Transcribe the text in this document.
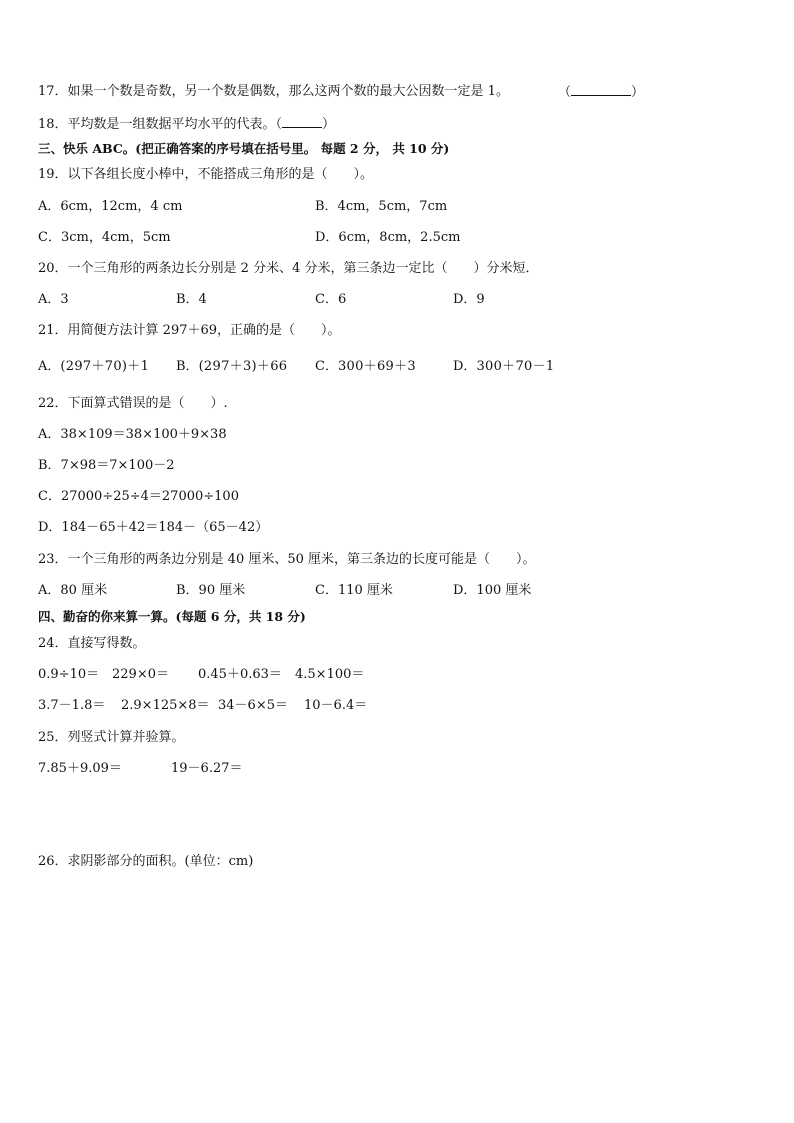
17．如果一个数是奇数，另一个数是偶数，那么这两个数的最大公因数一定是 1。	（	）
18．平均数是一组数据平均水平的代表。（	）
三、快乐 ABC。(把正确答案的序号填在括号里。 每题 2 分， 共 10 分)
19．以下各组长度小棒中，不能搭成三角形的是（　　）。
A．6cm，12cm，4 cm	B．4cm，5cm，7cm
C．3cm，4cm，5cm	D．6cm，8cm，2.5cm
20．一个三角形的两条边长分别是 2 分米、4 分米，第三条边一定比（　　）分米短．
A．3	B．4	C．6	D．9
21．用简便方法计算 297＋69，正确的是（　　）。
A．(297＋70)＋1 B．(297＋3)＋66 C．300＋69＋3	D．300＋70－1
22．下面算式错误的是（　　）.
A．38×109＝38×100＋9×38
B．7×98＝7×100－2
C．27000÷25÷4＝27000÷100
D．184－65＋42＝184－（65－42）
23．一个三角形的两条边分别是 40 厘米、50 厘米，第三条边的长度可能是（　　）。
A．80 厘米	B．90 厘米	C．110 厘米	D．100 厘米
四、勤奋的你来算一算。(每题 6 分，共 18 分)
24．直接写得数。
0.9÷10＝ 229×0＝ 0.45＋0.63＝ 4.5×100＝
3.7－1.8＝ 2.9×125×8＝ 34－6×5＝ 10－6.4＝
25．列竖式计算并验算。
7.85＋9.09＝	19－6.27＝
26．求阴影部分的面积。(单位：cm)
